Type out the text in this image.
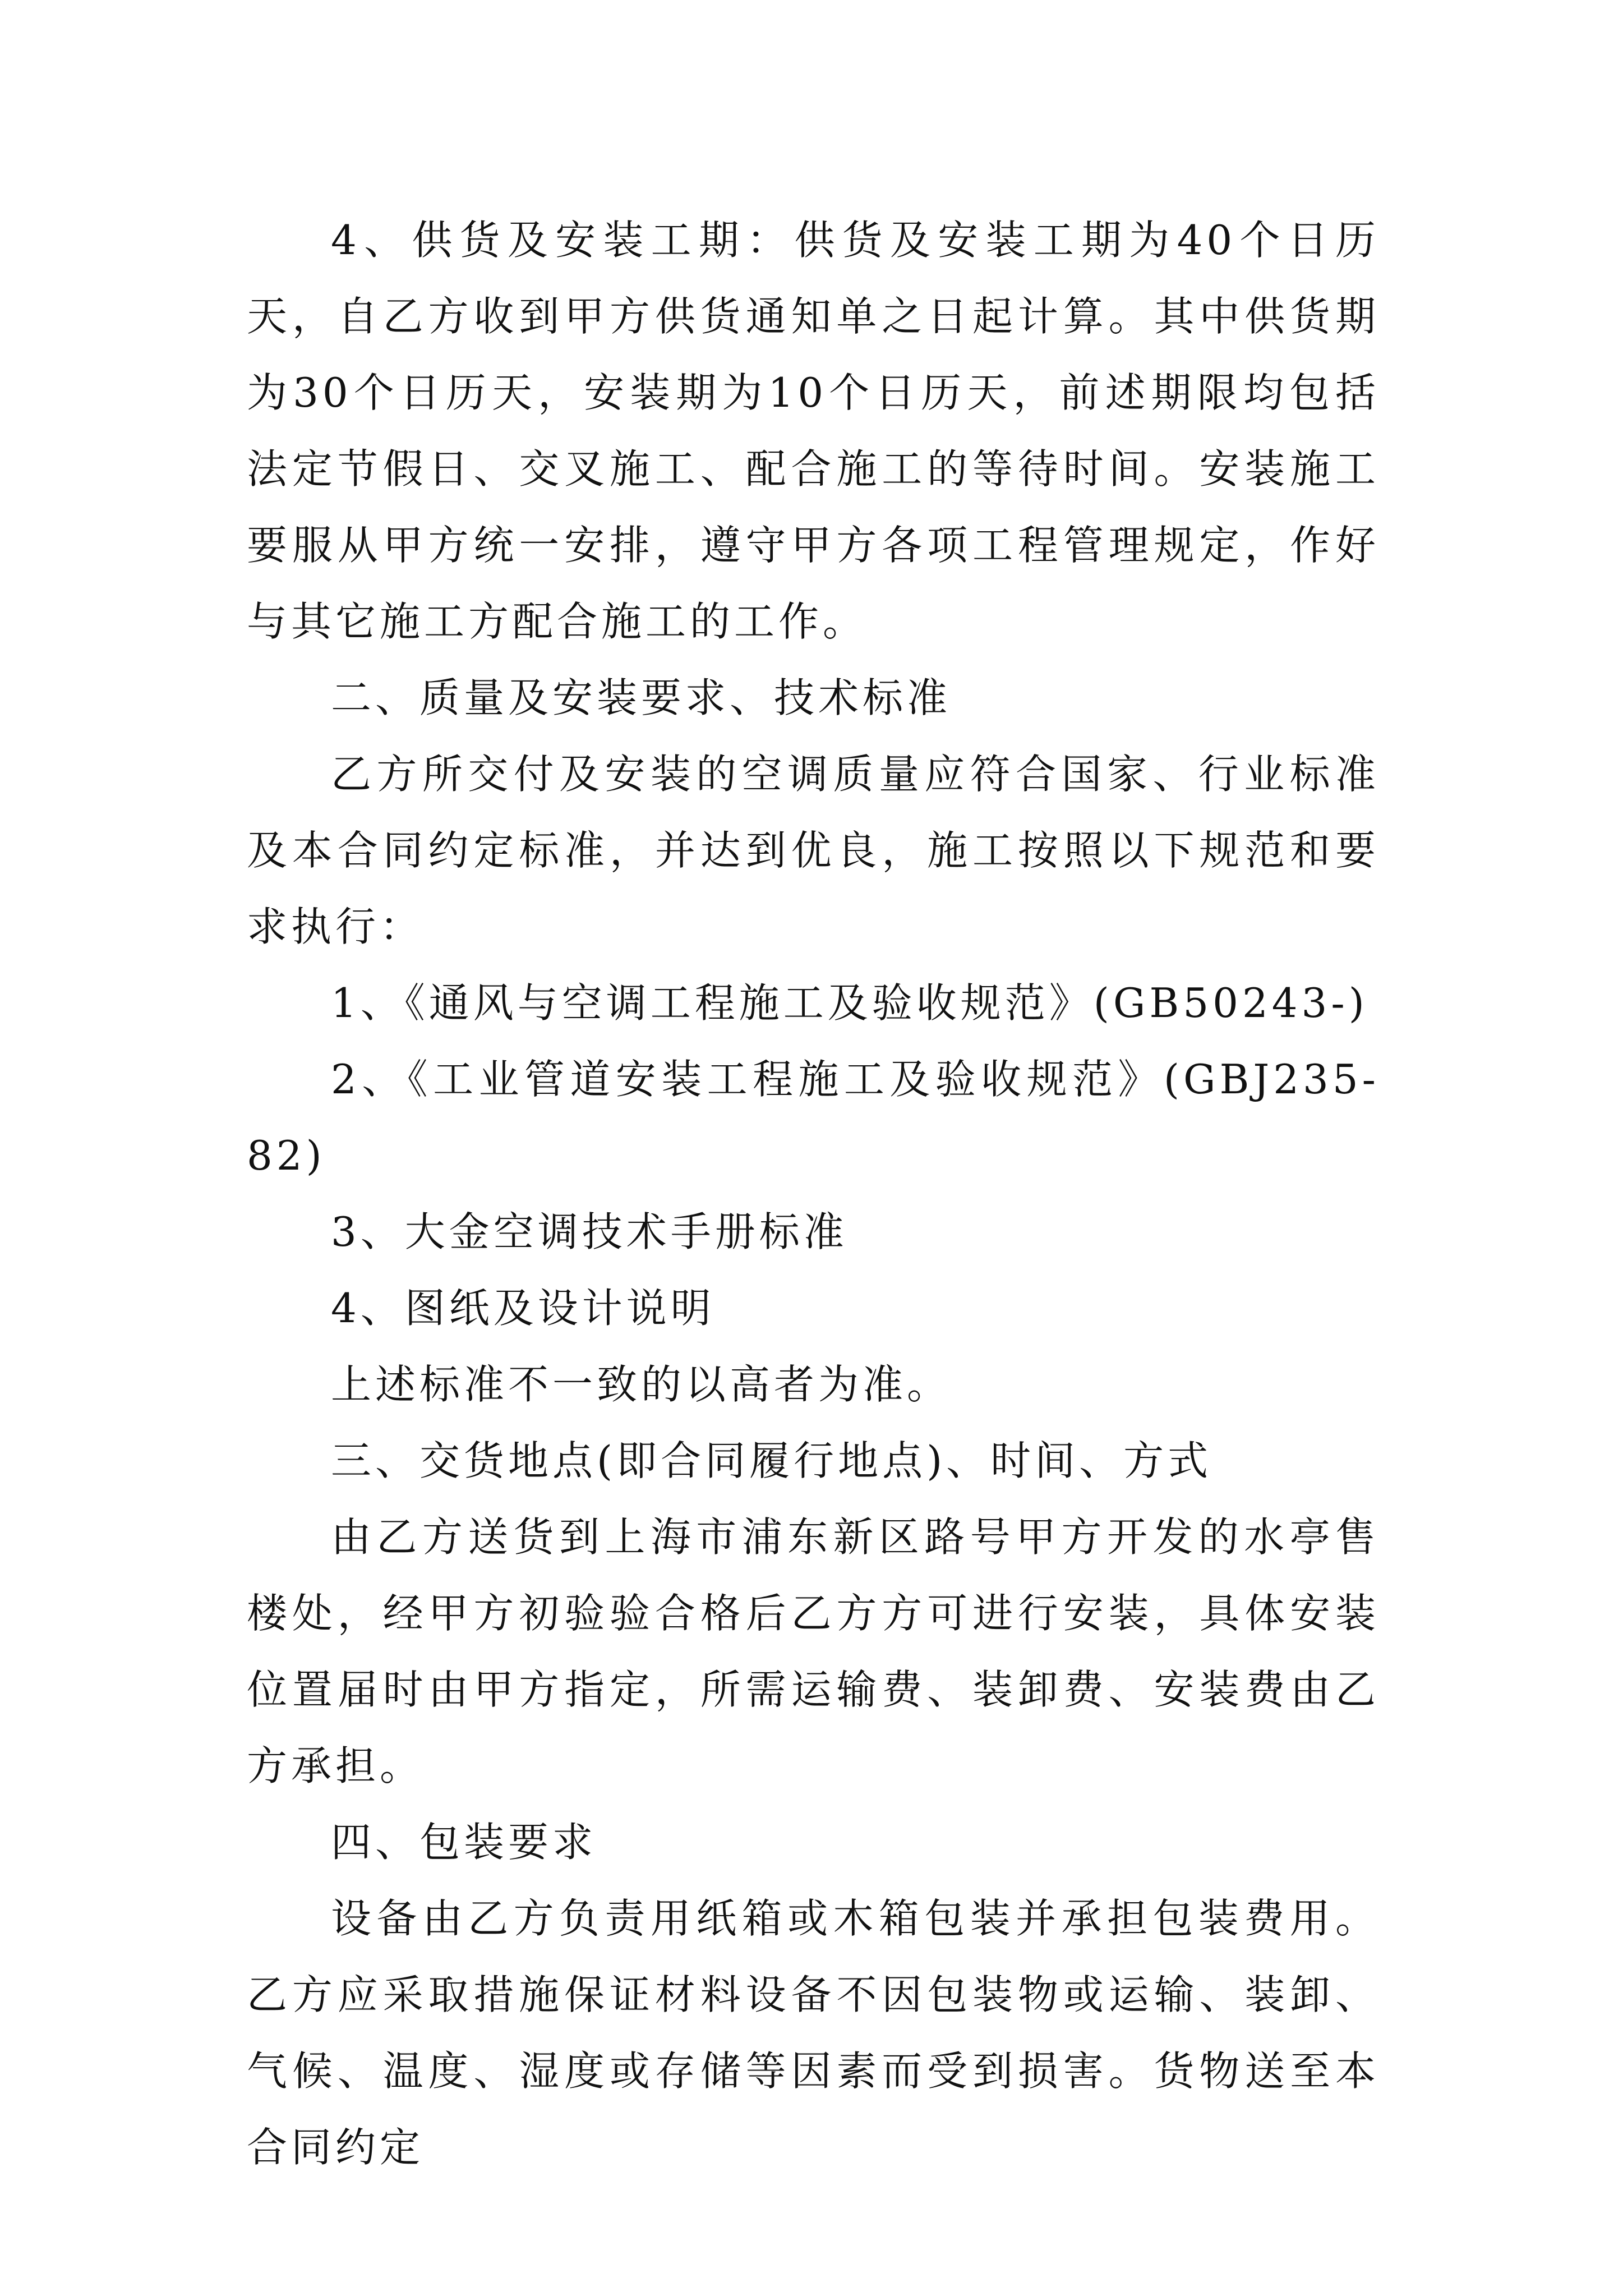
4、供货及安装工期：供货及安装工期为40个日历天，自乙方收到甲方供货通知单之日起计算。其中供货期为30个日历天，安装期为10个日历天，前述期限均包括法定节假日、交叉施工、配合施工的等待时间。安装施工要服从甲方统一安排，遵守甲方各项工程管理规定，作好与其它施工方配合施工的工作。

二、质量及安装要求、技术标准

乙方所交付及安装的空调质量应符合国家、行业标准及本合同约定标准，并达到优良，施工按照以下规范和要求执行：

1、《通风与空调工程施工及验收规范》(GB50243-)

2、《工业管道安装工程施工及验收规范》(GBJ235-82)

3、大金空调技术手册标准

4、图纸及设计说明

上述标准不一致的以高者为准。

三、交货地点(即合同履行地点)、时间、方式

由乙方送货到上海市浦东新区路号甲方开发的水亭售楼处，经甲方初验验合格后乙方方可进行安装，具体安装位置届时由甲方指定，所需运输费、装卸费、安装费由乙方承担。

四、包装要求

设备由乙方负责用纸箱或木箱包装并承担包装费用。乙方应采取措施保证材料设备不因包装物或运输、装卸、气候、温度、湿度或存储等因素而受到损害。货物送至本合同约定
